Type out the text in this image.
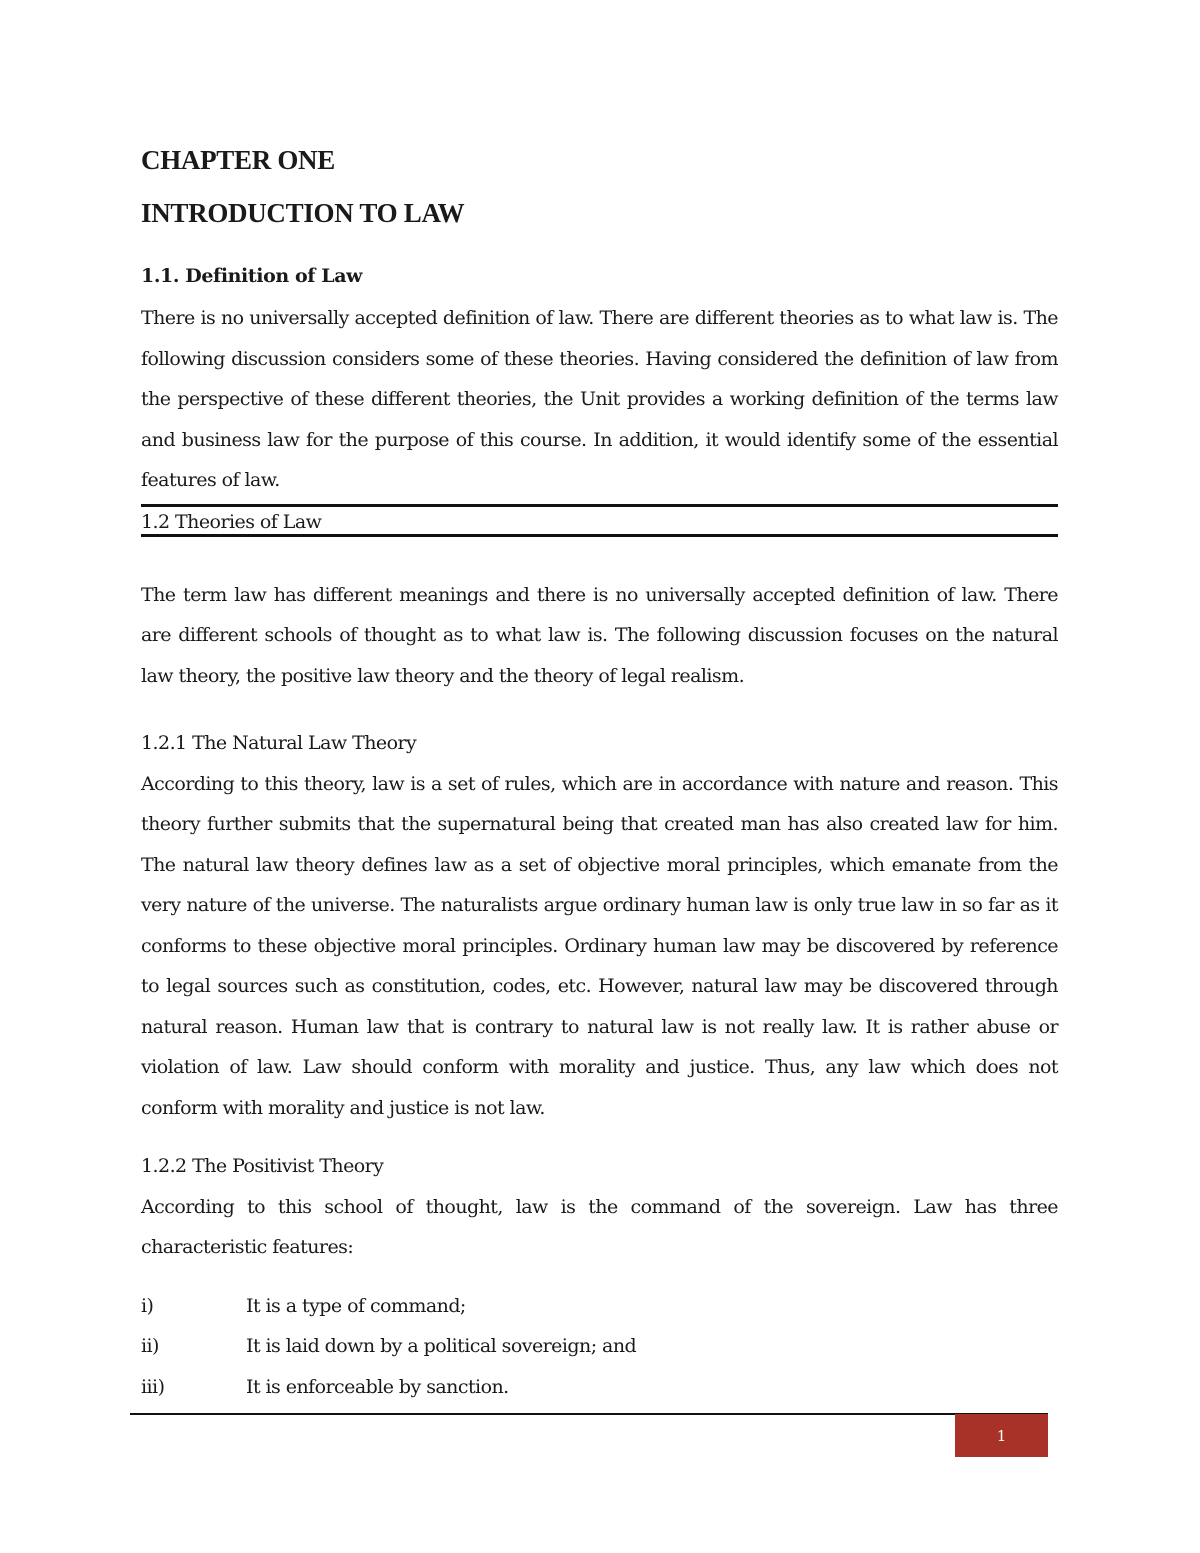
CHAPTER ONE
INTRODUCTION TO LAW
1.1. Definition of Law

There is no universally accepted definition of law. There are different theories as to what law is. The following discussion considers some of these theories. Having considered the definition of law from the perspective of these different theories, the Unit provides a working definition of the terms law and business law for the purpose of this course. In addition, it would identify some of the essential features of law.

1.2 Theories of Law

The term law has different meanings and there is no universally accepted definition of law. There are different schools of thought as to what law is. The following discussion focuses on the natural law theory, the positive law theory and the theory of legal realism.

1.2.1 The Natural Law Theory

According to this theory, law is a set of rules, which are in accordance with nature and reason. This theory further submits that the supernatural being that created man has also created law for him. The natural law theory defines law as a set of objective moral principles, which emanate from the very nature of the universe. The naturalists argue ordinary human law is only true law in so far as it conforms to these objective moral principles. Ordinary human law may be discovered by reference to legal sources such as constitution, codes, etc. However, natural law may be discovered through natural reason. Human law that is contrary to natural law is not really law. It is rather abuse or violation of law. Law should conform with morality and justice. Thus, any law which does not conform with morality and justice is not law.

1.2.2 The Positivist Theory

According to this school of thought, law is the command of the sovereign. Law has three characteristic features:

i)	It is a type of command;
ii)	It is laid down by a political sovereign; and
iii)	It is enforceable by sanction.
1
